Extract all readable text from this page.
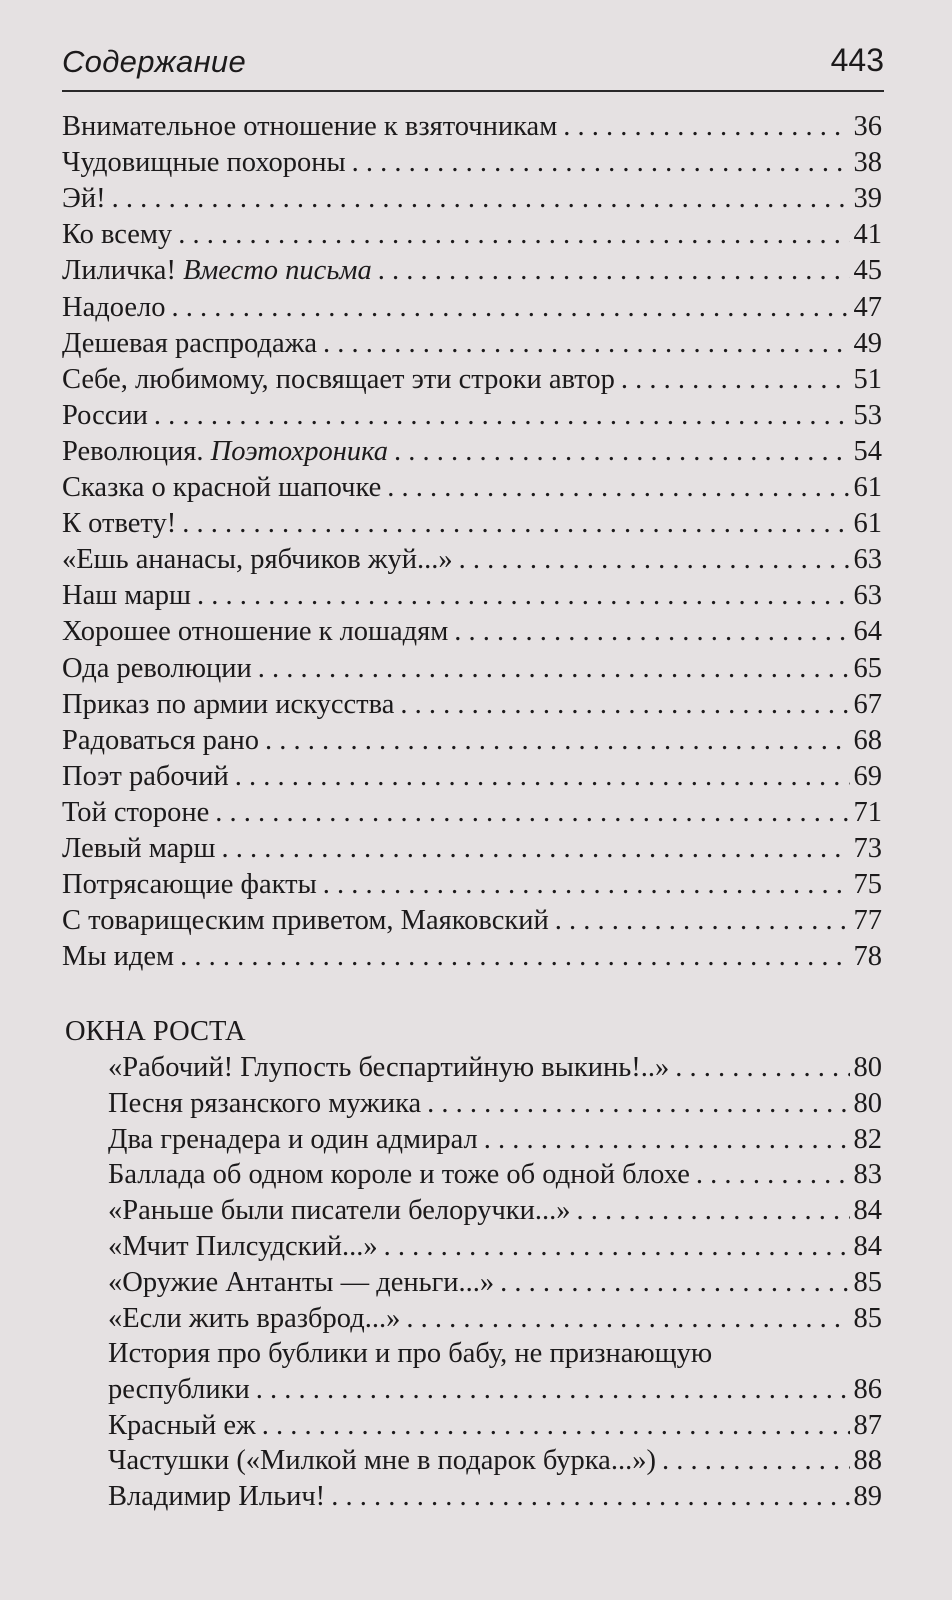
Содержание	443
ОКНА РОСТА
Внимательное отношение к взяточникам . . .	36
Чудовищные похороны . . .	38
Эй! . . .	39
Ко всему . . .	41
Лиличка! Вместо письма . . .	45
Надоело . . .	47
Дешевая распродажа . . .	49
Себе, любимому, посвящает эти строки автор . . .	51
России . . .	53
Революция. Поэтохроника . . .	54
Сказка о красной шапочке . . .	61
К ответу! . . .	61
«Ешь ананасы, рябчиков жуй...» . . .	63
Наш марш . . .	63
Хорошее отношение к лошадям . . .	64
Ода революции . . .	65
Приказ по армии искусства . . .	67
Радоваться рано . . .	68
Поэт рабочий . . .	69
Той стороне . . .	71
Левый марш . . .	73
Потрясающие факты . . .	75
С товарищеским приветом, Маяковский . . .	77
Мы идем . . .	78
«Рабочий! Глупость беспартийную выкинь!..» . . .	80
Песня рязанского мужика . . .	80
Два гренадера и один адмирал . . .	82
Баллада об одном короле и тоже об одной блохе . . .	83
«Раньше были писатели белоручки...» . . .	84
«Мчит Пилсудский...» . . .	84
«Оружие Антанты — деньги...» . . .	85
«Если жить вразброд...» . . .	85
История про бублики и про бабу, не признающую
республики . . .	86
Красный еж . . .	87
Частушки («Милкой мне в подарок бурка...») . . .	88
Владимир Ильич! . . .	89
